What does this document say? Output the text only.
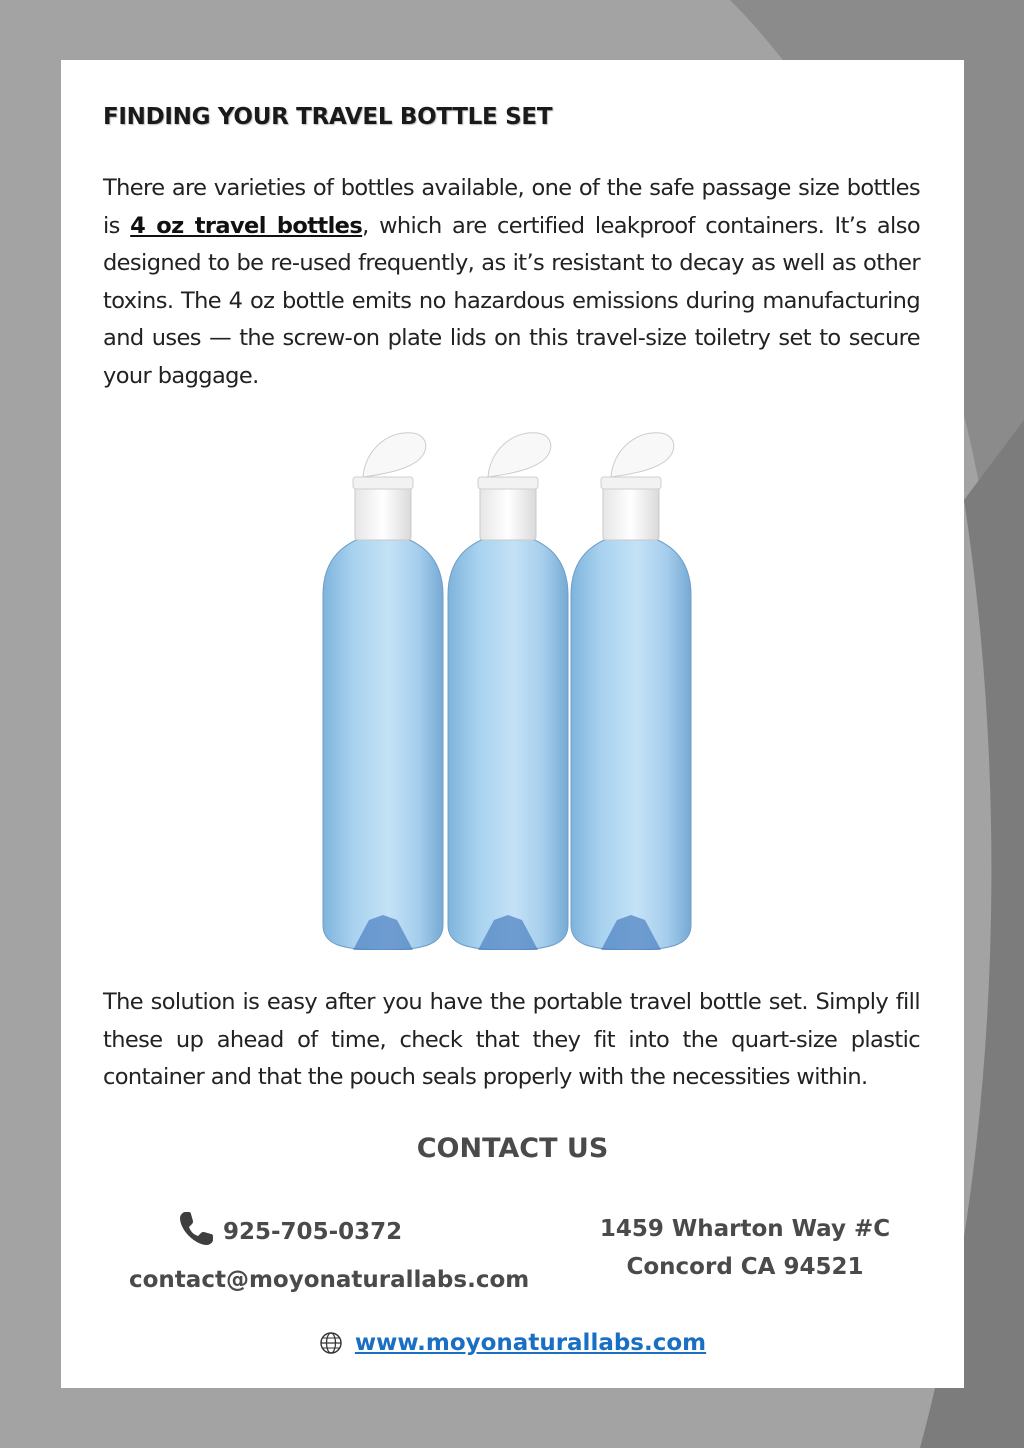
FINDING YOUR TRAVEL BOTTLE SET

There are varieties of bottles available, one of the safe passage size bottles is 4 oz travel bottles, which are certified leakproof containers. It’s also designed to be re-used frequently, as it’s resistant to decay as well as other toxins. The 4 oz bottle emits no hazardous emissions during manufacturing and uses — the screw-on plate lids on this travel-size toiletry set to secure your baggage.

The solution is easy after you have the portable travel bottle set. Simply fill these up ahead of time, check that they fit into the quart-size plastic container and that the pouch seals properly with the necessities within.

CONTACT US
925-705-0372
contact@moyonaturallabs.com
1459 Wharton Way #C
Concord CA 94521
www.moyonaturallabs.com
